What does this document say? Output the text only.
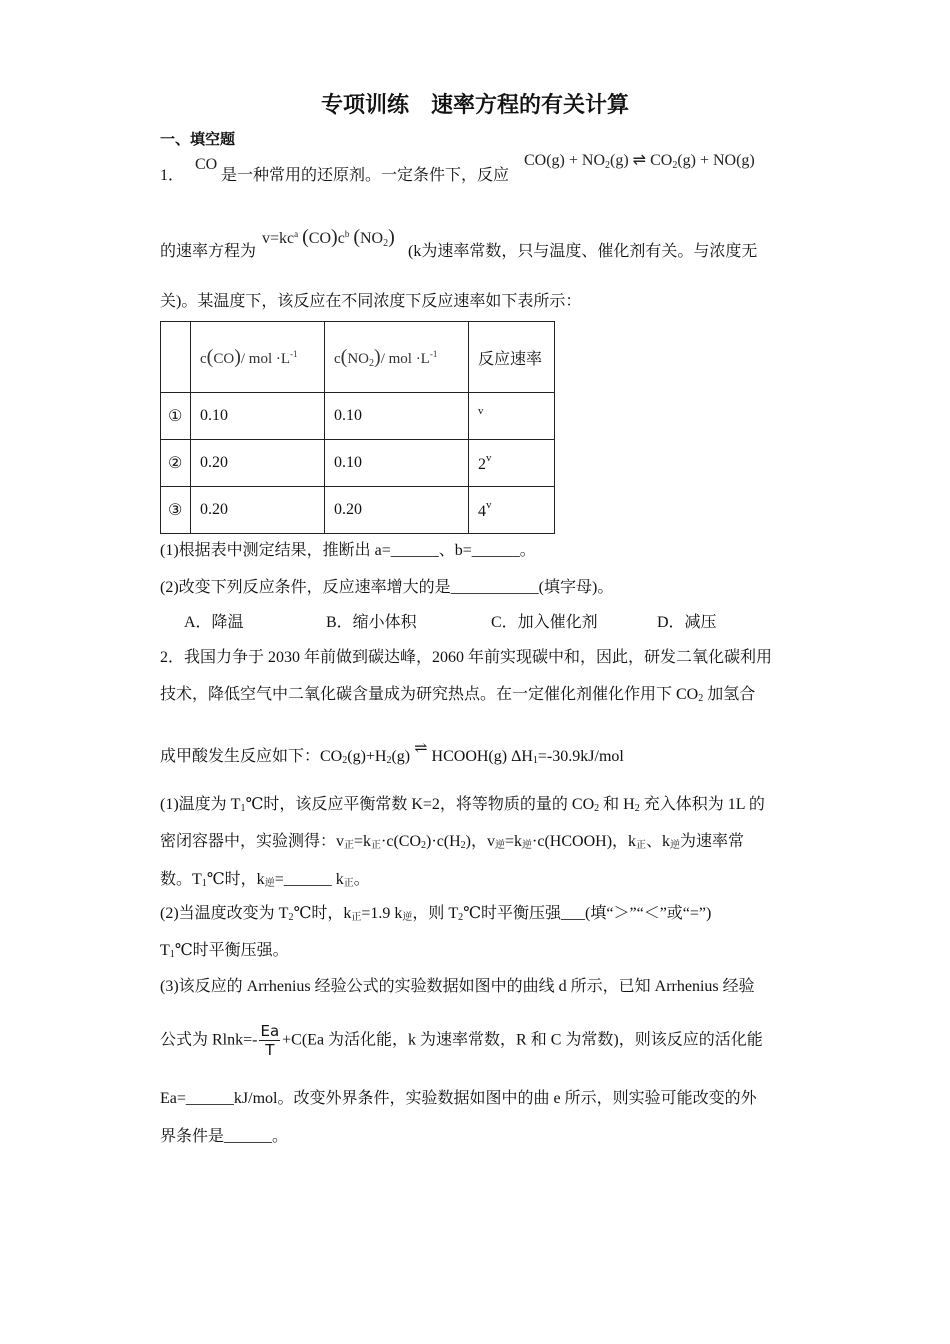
专项训练　速率方程的有关计算
一、填空题
1．
CO
是一种常用的还原剂。一定条件下，反应
$CO(g) + NO_2(g)$ ⇌ $CO_2(g) + NO(g)$
的速率方程为
$v=kc^a$ $(CO)c^b$ $(NO_2)$
(k为速率常数，只与温度、催化剂有关。与浓度无
关)。某温度下，该反应在不同浓度下反应速率如下表所示：
	c(CO)/ mol $\cdot L^{-1}$	$c(NO_2)/$ mol $\cdot L^{-1}$	反应速率
①	0.10	0.10	$^v$
②	0.20	0.10	2$^v$
③	0.20	0.20	4$^v$
(1)根据表中测定结果，推断出 a=______、b=______。
(2)改变下列反应条件，反应速率增大的是___________(填字母)。
A．降温	B．缩小体积	C．加入催化剂	D．减压
2．我国力争于 2030 年前做到碳达峰，2060 年前实现碳中和，因此，研发二氧化碳利用
技术，降低空气中二氧化碳含量成为研究热点。在一定催化剂催化作用下 CO2 加氢合
成甲酸发生反应如下：CO2(g)+H2(g) ⇌ HCOOH(g) ΔH1=-30.9kJ/mol
(1)温度为 T1℃时，该反应平衡常数 K=2，将等物质的量的 CO2 和 H2 充入体积为 1L 的
密闭容器中，实验测得：v正=k正·c(CO2)·c(H2)，v逆=k逆·c(HCOOH)，k正、k逆为速率常
数。T1℃时，k逆=______ k正。
(2)当温度改变为 T2℃时，k正=1.9 k逆，则 T2℃时平衡压强___(填“＞”“＜”或“=”)
T1℃时平衡压强。
(3)该反应的 Arrhenius 经验公式的实验数据如图中的曲线 d 所示，已知 Arrhenius 经验
公式为 $Rlnk=- \frac{Ea}{T} +C(Ea$ 为活化能，k 为速率常数，R 和 C 为常数)，则该反应的活化能
Ea=______kJ/mol。改变外界条件，实验数据如图中的曲 e 所示，则实验可能改变的外
界条件是______。
